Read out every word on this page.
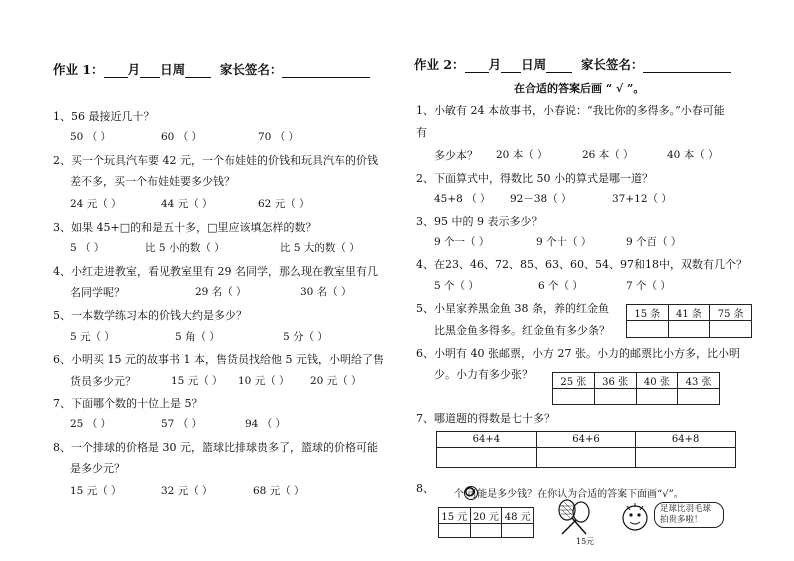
作业 1： 月 日周	家长签名：
1、56 最接近几十？
50 （ ）	60 （ ）	70 （ ）
2、买一个玩具汽车要 42 元，一个布娃娃的价钱和玩具汽车的价钱
差不多，买一个布娃娃要多少钱？
24 元（ ）	44 元（ ）	62 元（ ）
3、如果 45+□的和是五十多，□里应该填怎样的数？
5 （ ）	比 5 小的数（ ）	比 5 大的数（ ）
4、小红走进教室，看见教室里有 29 名同学，那么现在教室里有几
名同学呢？	29 名（ ）	30 名（ ）
5、一本数学练习本的价钱大约是多少？
5 元（ ）	5 角（ ）	5 分（ ）
6、小明买 15 元的故事书 1 本，售货员找给他 5 元钱，小明给了售
货员多少元？	15 元（ ） 10 元（ ） 20 元（ ）
7、下面哪个数的十位上是 5？
25 （ ）	57 （ ）	94 （ ）
8、一个排球的价格是 30 元，篮球比排球贵多了，篮球的价格可能
是多少元？
15 元（ ）	32 元（ ）	68 元（ ）
作业 2： 月 日周	家长签名：
在合适的答案后画 “ √ ”。
1、小敏有 24 本故事书，小春说：“我比你的多得多。”小春可能
有
多少本？ 20 本（ ）	26 本（ ）	40 本（ ）
2、下面算式中，得数比 50 小的算式是哪一道？
45+8 （ ） 92－38（ ）	37+12（ ）
3、95 中的 9 表示多少？
9 个一（ ）	9 个十（ ）	9 个百（ ）
4、在23、46、72、85、63、60、54、97和18中，双数有几个？
5 个（ ）	6 个（ ）	7 个（ ）
5、小星家养黑金鱼 38 条，养的红金鱼
比黑金鱼多得多。红金鱼有多少条？
15 条	41 条	75 条

6、小明有 40 张邮票，小方 27 张。小力的邮票比小方多，比小明
少。小力有多少张？
25 张	36 张	40 张	43 张

7、哪道题的得数是七十多？
64+4	64+6	64+8

8、 个 可能是多少钱？在你认为合适的答案下面画“√”。
15 元	20 元	48 元

15元
足球比羽毛球拍贵多啦！
